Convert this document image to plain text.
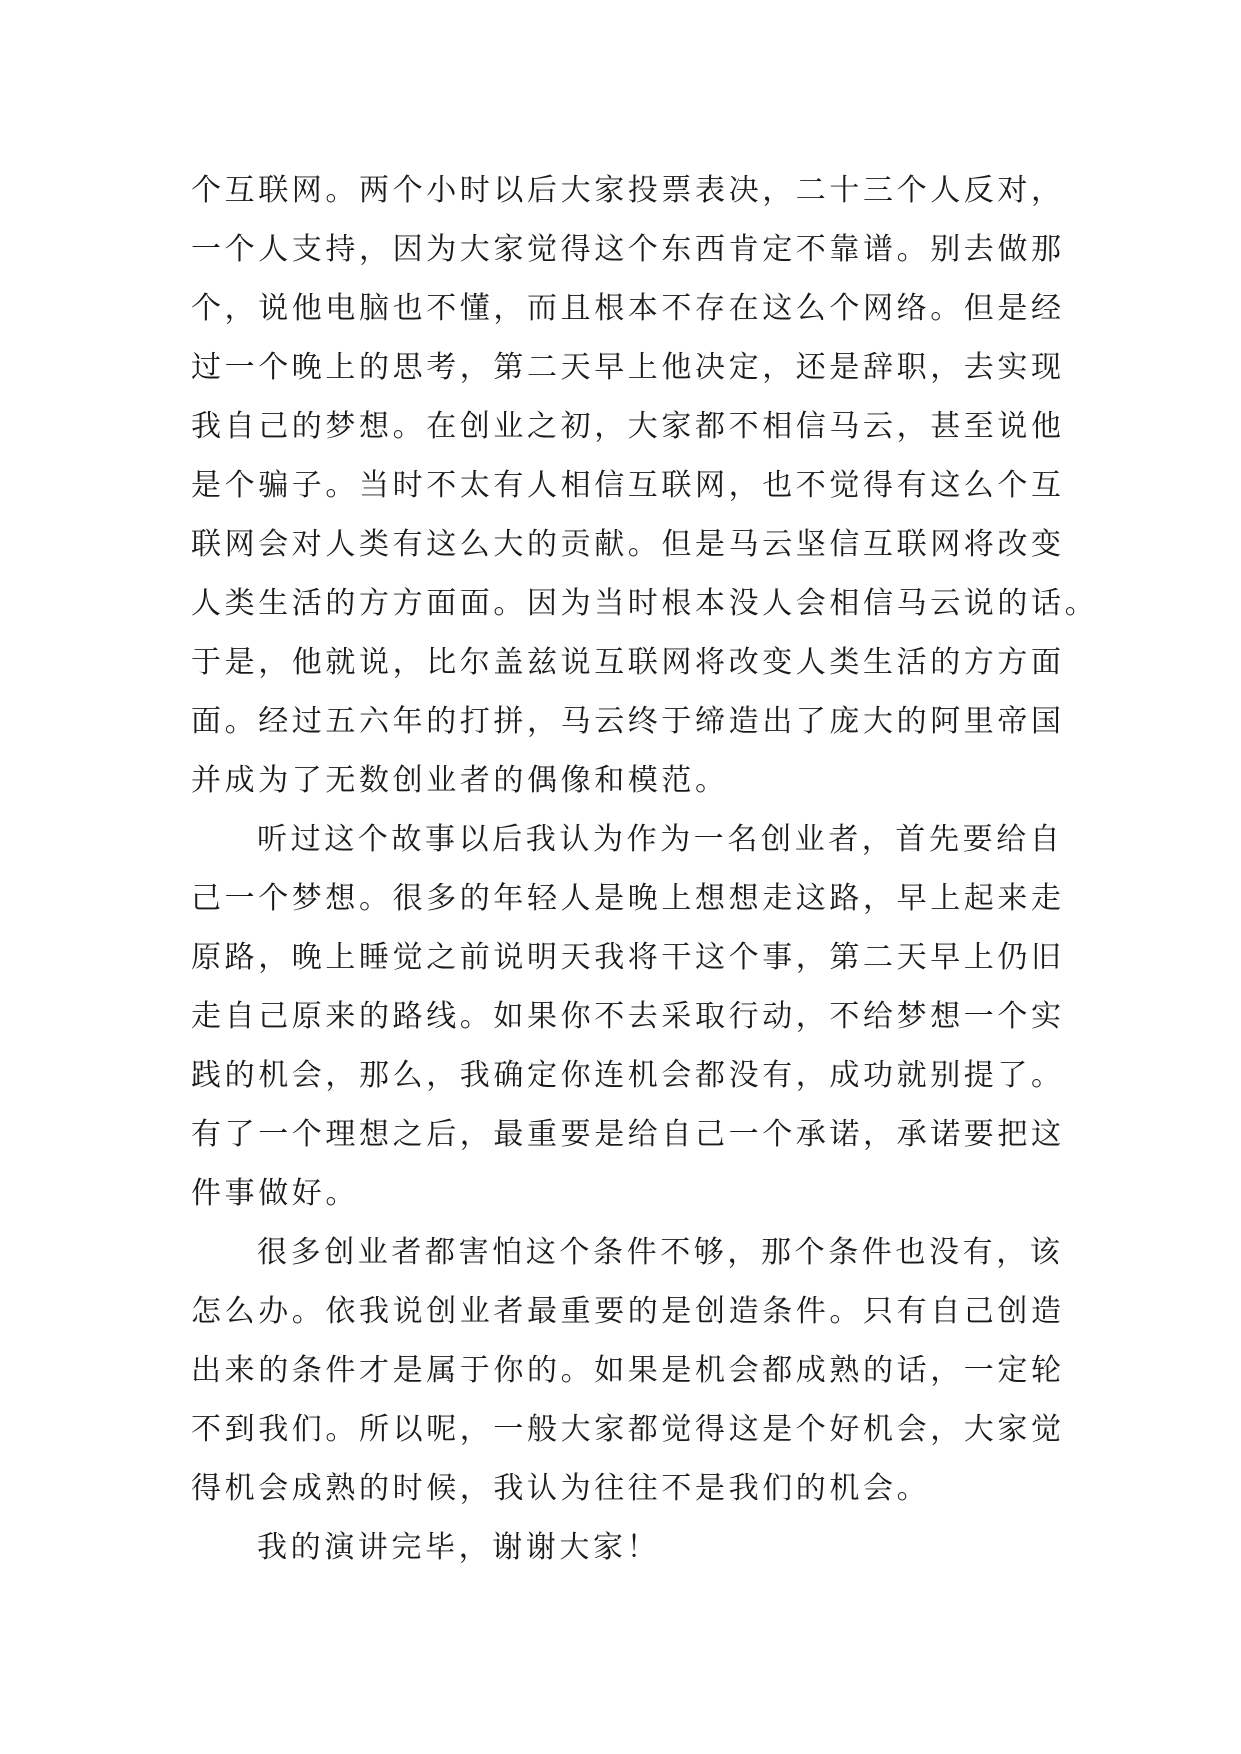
个互联网。两个小时以后大家投票表决，二十三个人反对，
一个人支持，因为大家觉得这个东西肯定不靠谱。别去做那
个，说他电脑也不懂，而且根本不存在这么个网络。但是经
过一个晚上的思考，第二天早上他决定，还是辞职，去实现
我自己的梦想。在创业之初，大家都不相信马云，甚至说他
是个骗子。当时不太有人相信互联网，也不觉得有这么个互
联网会对人类有这么大的贡献。但是马云坚信互联网将改变
人类生活的方方面面。因为当时根本没人会相信马云说的话。
于是，他就说，比尔盖兹说互联网将改变人类生活的方方面
面。经过五六年的打拼，马云终于缔造出了庞大的阿里帝国
并成为了无数创业者的偶像和模范。
听过这个故事以后我认为作为一名创业者，首先要给自
己一个梦想。很多的年轻人是晚上想想走这路，早上起来走
原路，晚上睡觉之前说明天我将干这个事，第二天早上仍旧
走自己原来的路线。如果你不去采取行动，不给梦想一个实
践的机会，那么，我确定你连机会都没有，成功就别提了。
有了一个理想之后，最重要是给自己一个承诺，承诺要把这
件事做好。
很多创业者都害怕这个条件不够，那个条件也没有，该
怎么办。依我说创业者最重要的是创造条件。只有自己创造
出来的条件才是属于你的。如果是机会都成熟的话，一定轮
不到我们。所以呢，一般大家都觉得这是个好机会，大家觉
得机会成熟的时候，我认为往往不是我们的机会。
我的演讲完毕，谢谢大家！
